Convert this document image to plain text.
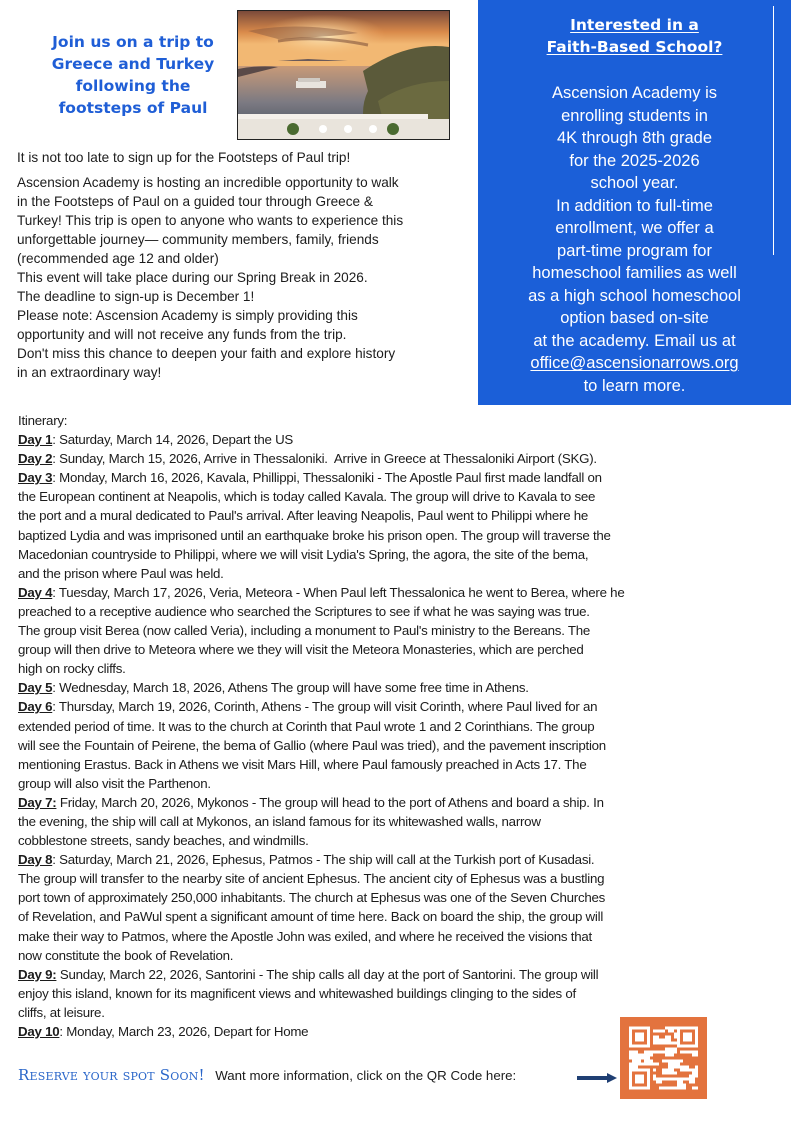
Join us on a trip to
Greece and Turkey
following the
footsteps of Paul
Interested in a
Faith-Based School?
Ascension Academy is
enrolling students in
4K through 8th grade
for the 2025-2026
school year.
In addition to full-time
enrollment, we offer a
part-time program for
homeschool families as well
as a high school homeschool
option based on-site
at the academy. Email us at
office@ascensionarrows.org
to learn more.
It is not too late to sign up for the Footsteps of Paul trip!
Ascension Academy is hosting an incredible opportunity to walk
in the Footsteps of Paul on a guided tour through Greece &
Turkey! This trip is open to anyone who wants to experience this
unforgettable journey— community members, family, friends
(recommended age 12 and older)
This event will take place during our Spring Break in 2026.
The deadline to sign-up is December 1!
Please note: Ascension Academy is simply providing this
opportunity and will not receive any funds from the trip.
Don't miss this chance to deepen your faith and explore history
in an extraordinary way!
Itinerary:
Day 1: Saturday, March 14, 2026, Depart the US
Day 2: Sunday, March 15, 2026, Arrive in Thessaloniki.  Arrive in Greece at Thessaloniki Airport (SKG).
Day 3: Monday, March 16, 2026, Kavala, Phillippi, Thessaloniki - The Apostle Paul first made landfall on
the European continent at Neapolis, which is today called Kavala. The group will drive to Kavala to see
the port and a mural dedicated to Paul's arrival. After leaving Neapolis, Paul went to Philippi where he
baptized Lydia and was imprisoned until an earthquake broke his prison open. The group will traverse the
Macedonian countryside to Philippi, where we will visit Lydia's Spring, the agora, the site of the bema,
and the prison where Paul was held.
Day 4: Tuesday, March 17, 2026, Veria, Meteora - When Paul left Thessalonica he went to Berea, where he
preached to a receptive audience who searched the Scriptures to see if what he was saying was true.
The group visit Berea (now called Veria), including a monument to Paul's ministry to the Bereans. The
group will then drive to Meteora where we they will visit the Meteora Monasteries, which are perched
high on rocky cliffs.
Day 5: Wednesday, March 18, 2026, Athens The group will have some free time in Athens.
Day 6: Thursday, March 19, 2026, Corinth, Athens - The group will visit Corinth, where Paul lived for an
extended period of time. It was to the church at Corinth that Paul wrote 1 and 2 Corinthians. The group
will see the Fountain of Peirene, the bema of Gallio (where Paul was tried), and the pavement inscription
mentioning Erastus. Back in Athens we visit Mars Hill, where Paul famously preached in Acts 17. The
group will also visit the Parthenon.
Day 7: Friday, March 20, 2026, Mykonos - The group will head to the port of Athens and board a ship. In
the evening, the ship will call at Mykonos, an island famous for its whitewashed walls, narrow
cobblestone streets, sandy beaches, and windmills.
Day 8: Saturday, March 21, 2026, Ephesus, Patmos - The ship will call at the Turkish port of Kusadasi.
The group will transfer to the nearby site of ancient Ephesus. The ancient city of Ephesus was a bustling
port town of approximately 250,000 inhabitants. The church at Ephesus was one of the Seven Churches
of Revelation, and PaWul spent a significant amount of time here. Back on board the ship, the group will
make their way to Patmos, where the Apostle John was exiled, and where he received the visions that
now constitute the book of Revelation.
Day 9: Sunday, March 22, 2026, Santorini - The ship calls all day at the port of Santorini. The group will
enjoy this island, known for its magnificent views and whitewashed buildings clinging to the sides of
cliffs, at leisure.
Day 10: Monday, March 23, 2026, Depart for Home
Reserve your spot Soon! Want more information, click on the QR Code here:
